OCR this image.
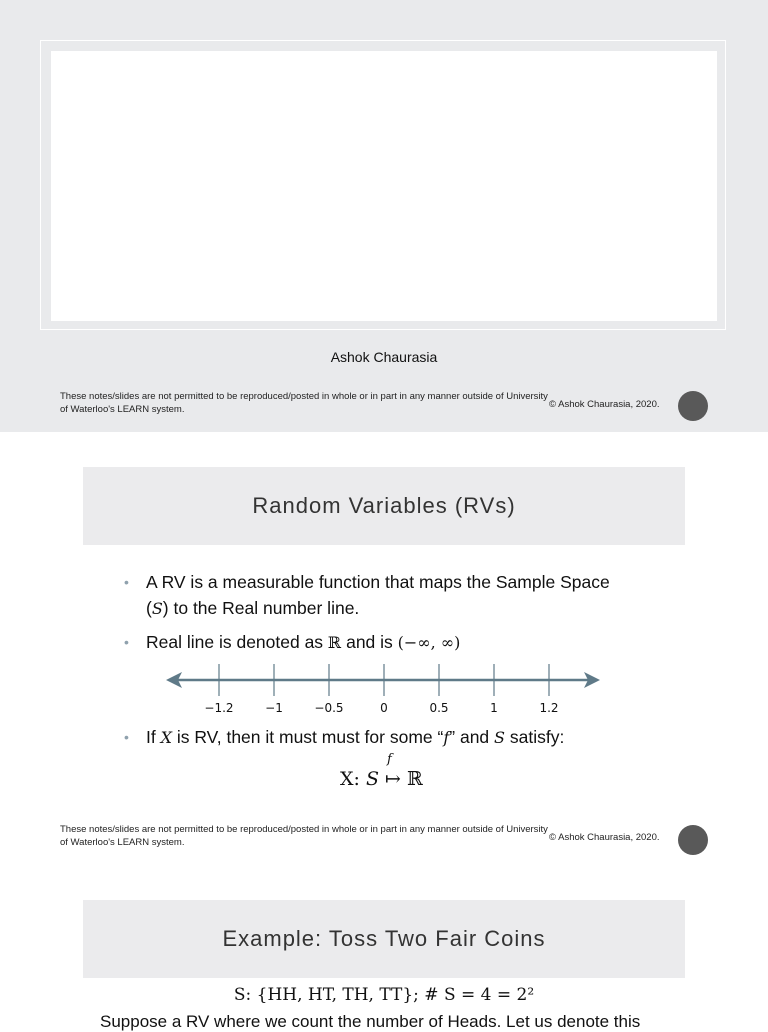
Ashok Chaurasia
These notes/slides are not permitted to be reproduced/posted in whole or in part in any manner outside of University of Waterloo's LEARN system.	© Ashok Chaurasia, 2020.
Random Variables (RVs)
• A RV is a measurable function that maps the Sample Space (S) to the Real number line.

• Real line is denoted as ℝ and is (−∞, ∞)

−1.2	−1	−0.5	0	0.5	1	1.2
• If X is RV, then it must must for some “f” and S satisfy:

f
X: S ↦ ℝ
These notes/slides are not permitted to be reproduced/posted in whole or in part in any manner outside of University of Waterloo's LEARN system.	© Ashok Chaurasia, 2020.
Example: Toss Two Fair Coins
S: {HH, HT, TH, TT}; # S = 4 = 2²
Suppose a RV where we count the number of Heads. Let us denote this
